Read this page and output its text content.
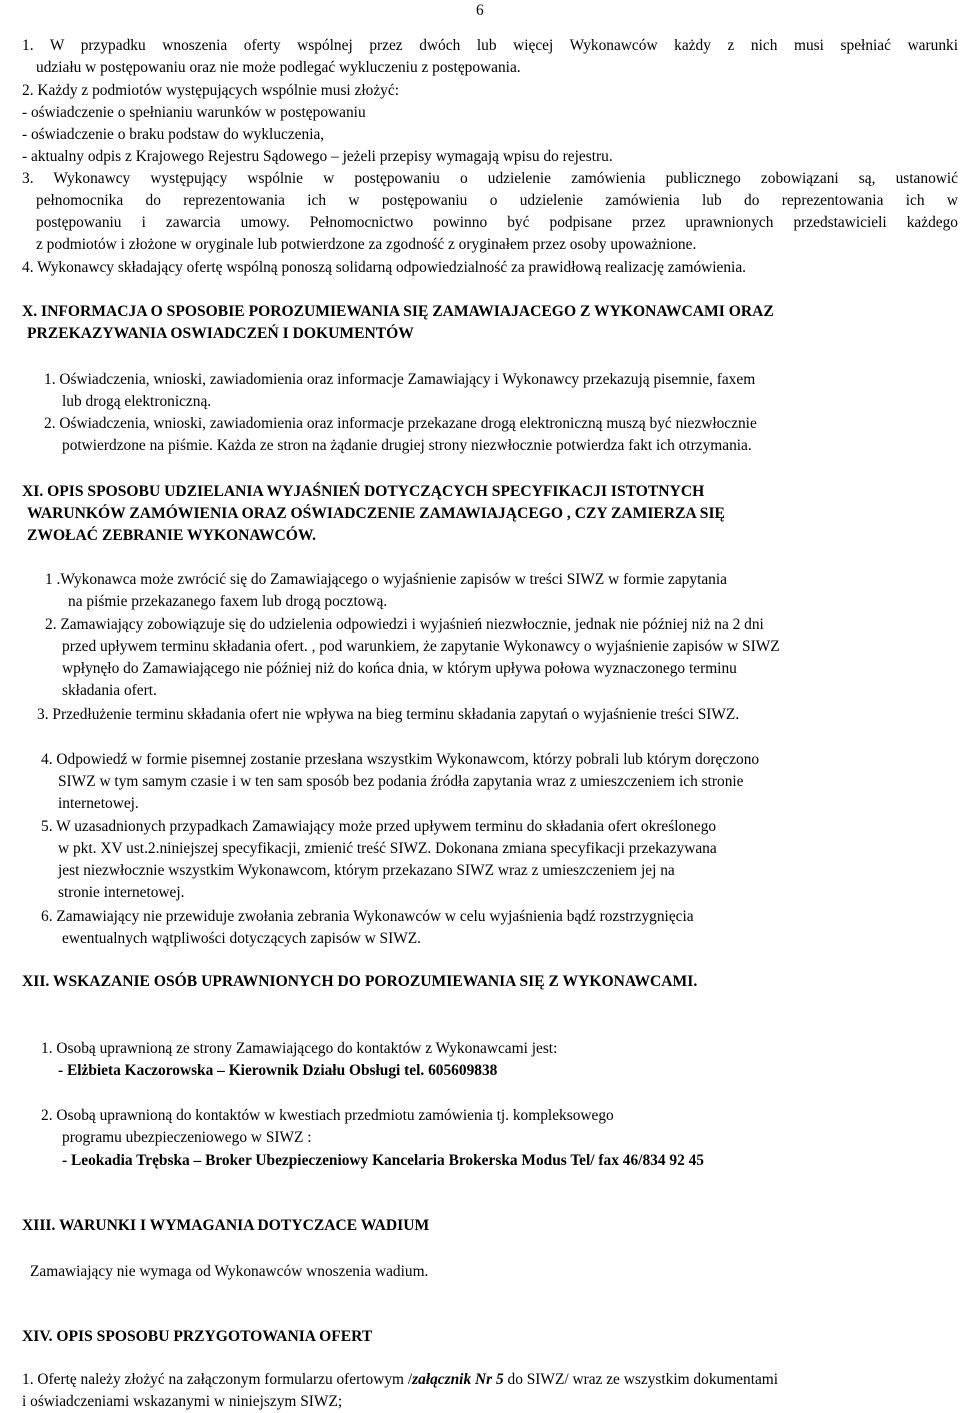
6
1. W przypadku wnoszenia oferty wspólnej przez dwóch lub więcej Wykonawców każdy z nich musi spełniać warunki
udziału w postępowaniu oraz nie może podlegać wykluczeniu z postępowania.
2. Każdy z podmiotów występujących wspólnie musi złożyć:
- oświadczenie o spełnianiu warunków w postępowaniu
- oświadczenie o braku podstaw do wykluczenia,
- aktualny odpis z Krajowego Rejestru Sądowego – jeżeli przepisy wymagają wpisu do rejestru.
3. Wykonawcy występujący wspólnie w postępowaniu o udzielenie zamówienia publicznego zobowiązani są, ustanowić
pełnomocnika do reprezentowania ich w postępowaniu o udzielenie zamówienia lub do reprezentowania ich w
postępowaniu i zawarcia umowy. Pełnomocnictwo powinno być podpisane przez uprawnionych przedstawicieli każdego
z podmiotów i złożone w oryginale lub potwierdzone za zgodność z oryginałem przez osoby upoważnione.
4. Wykonawcy składający ofertę wspólną ponoszą solidarną odpowiedzialność za prawidłową realizację zamówienia.
X. INFORMACJA O SPOSOBIE POROZUMIEWANIA SIĘ ZAMAWIAJACEGO Z WYKONAWCAMI ORAZ
PRZEKAZYWANIA OSWIADCZEŃ I DOKUMENTÓW
1. Oświadczenia, wnioski, zawiadomienia oraz informacje Zamawiający i Wykonawcy przekazują pisemnie, faxem
lub drogą elektroniczną.
2. Oświadczenia, wnioski, zawiadomienia oraz informacje przekazane drogą elektroniczną muszą być niezwłocznie
potwierdzone na piśmie. Każda ze stron na żądanie drugiej strony niezwłocznie potwierdza fakt ich otrzymania.
XI. OPIS SPOSOBU UDZIELANIA WYJAŚNIEŃ DOTYCZĄCYCH SPECYFIKACJI ISTOTNYCH
WARUNKÓW ZAMÓWIENIA ORAZ OŚWIADCZENIE ZAMAWIAJĄCEGO , CZY ZAMIERZA SIĘ
ZWOŁAĆ ZEBRANIE WYKONAWCÓW.
1 .Wykonawca może zwrócić się do Zamawiającego o wyjaśnienie zapisów w treści SIWZ w formie zapytania
na piśmie przekazanego faxem lub drogą pocztową.
2. Zamawiający zobowiązuje się do udzielenia odpowiedzi i wyjaśnień niezwłocznie, jednak nie później niż na 2 dni
przed upływem terminu składania ofert. , pod warunkiem, że zapytanie Wykonawcy o wyjaśnienie zapisów w SIWZ
wpłynęło do Zamawiającego nie później niż do końca dnia, w którym upływa połowa wyznaczonego terminu
składania ofert.
3. Przedłużenie terminu składania ofert nie wpływa na bieg terminu składania zapytań o wyjaśnienie treści SIWZ.
4. Odpowiedź w formie pisemnej zostanie przesłana wszystkim Wykonawcom, którzy pobrali lub którym doręczono
SIWZ w tym samym czasie i w ten sam sposób bez podania źródła zapytania wraz z umieszczeniem ich stronie
internetowej.
5. W uzasadnionych przypadkach Zamawiający może przed upływem terminu do składania ofert określonego
w pkt. XV ust.2.niniejszej specyfikacji, zmienić treść SIWZ. Dokonana zmiana specyfikacji przekazywana
jest niezwłocznie wszystkim Wykonawcom, którym przekazano SIWZ wraz z umieszczeniem jej na
stronie internetowej.
6. Zamawiający nie przewiduje zwołania zebrania Wykonawców w celu wyjaśnienia bądź rozstrzygnięcia
ewentualnych wątpliwości dotyczących zapisów w SIWZ.
XII. WSKAZANIE OSÓB UPRAWNIONYCH DO POROZUMIEWANIA SIĘ Z WYKONAWCAMI.
1. Osobą uprawnioną ze strony Zamawiającego do kontaktów z Wykonawcami jest:
- Elżbieta Kaczorowska – Kierownik Działu Obsługi tel. 605609838
2. Osobą uprawnioną do kontaktów w kwestiach przedmiotu zamówienia tj. kompleksowego
programu ubezpieczeniowego w SIWZ :
- Leokadia Trębska – Broker Ubezpieczeniowy Kancelaria Brokerska Modus Tel/ fax 46/834 92 45
XIII. WARUNKI I WYMAGANIA DOTYCZACE WADIUM
Zamawiający nie wymaga od Wykonawców wnoszenia wadium.
XIV. OPIS SPOSOBU PRZYGOTOWANIA OFERT
1. Ofertę należy złożyć na załączonym formularzu ofertowym /załącznik Nr 5 do SIWZ/ wraz ze wszystkim dokumentami
i oświadczeniami wskazanymi w niniejszym SIWZ;
